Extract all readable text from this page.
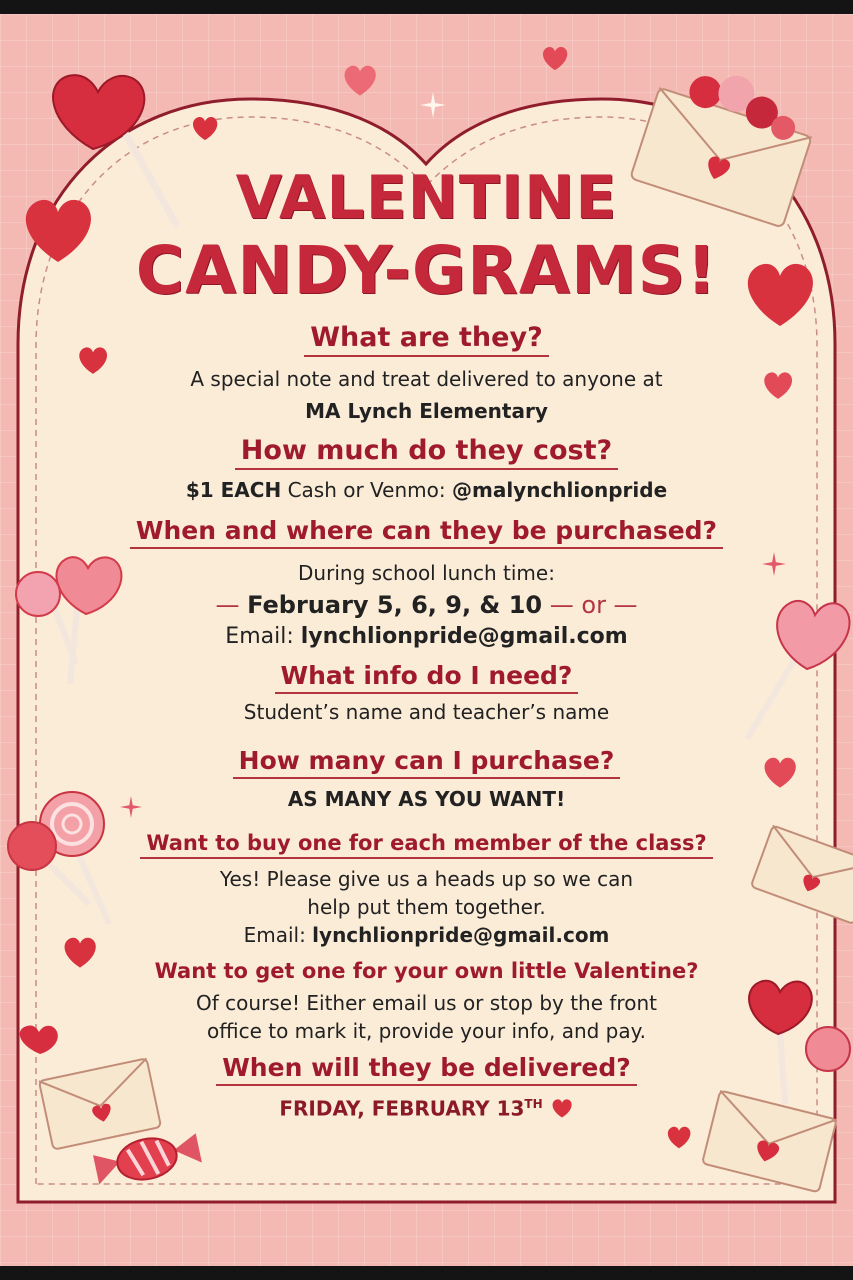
VALENTINE
CANDY-GRAMS!
What are they?
A special note and treat delivered to anyone at
MA Lynch Elementary
How much do they cost?
$1 EACH Cash or Venmo: @malynchlionpride
When and where can they be purchased?
During school lunch time:
— February 5, 6, 9, & 10 — or —
Email: lynchlionpride@gmail.com
What info do I need?
Student’s name and teacher’s name
How many can I purchase?
AS MANY AS YOU WANT!
Want to buy one for each member of the class?
Yes! Please give us a heads up so we can
help put them together.
Email: lynchlionpride@gmail.com
Want to get one for your own little Valentine?
Of course! Either email us or stop by the front
office to mark it, provide your info, and pay.
When will they be delivered?
FRIDAY, FEBRUARY 13TH
